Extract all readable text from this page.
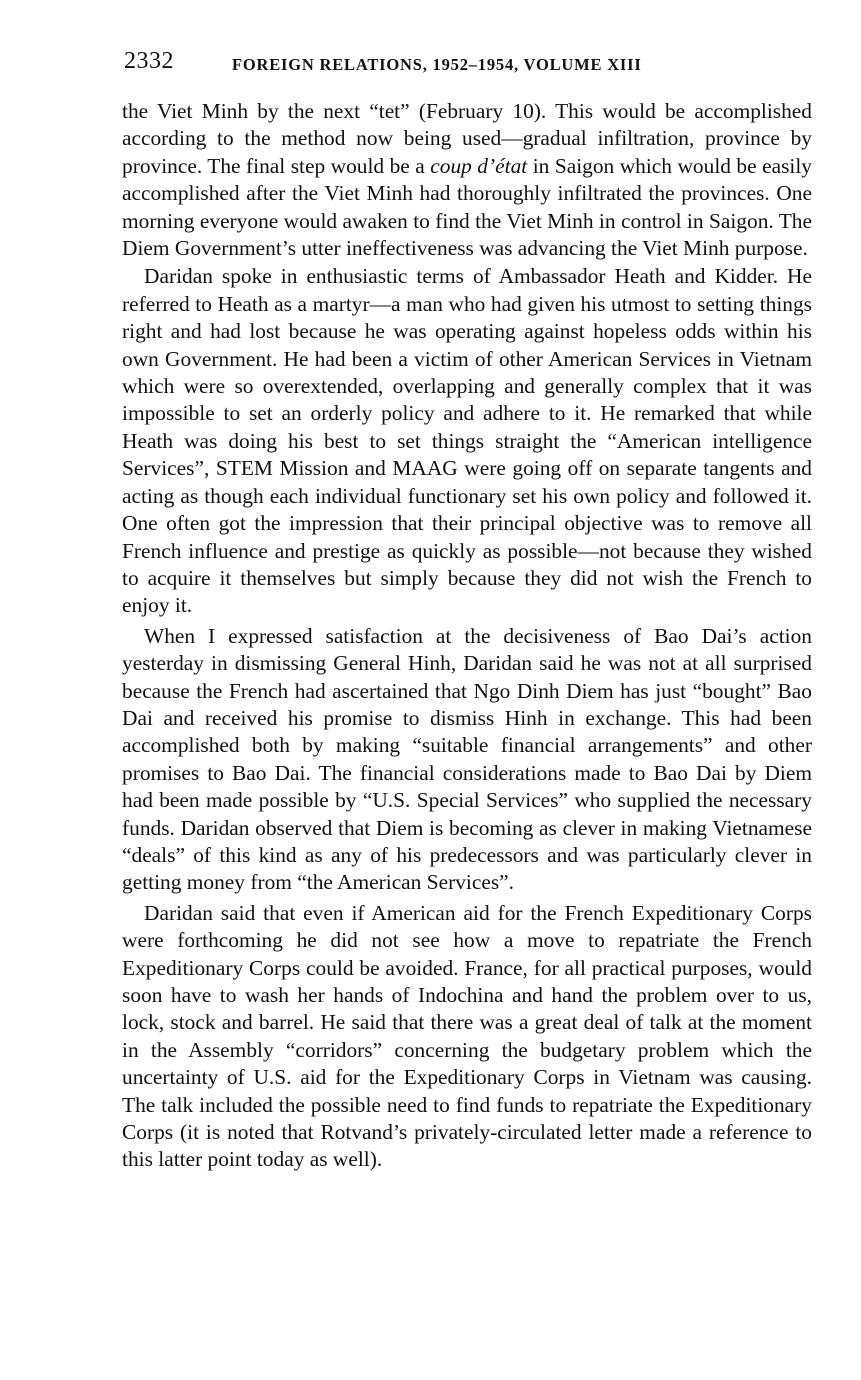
2332	FOREIGN RELATIONS, 1952–1954, VOLUME XIII

the Viet Minh by the next “tet” (February 10). This would be accomplished according to the method now being used—gradual infiltration, province by province. The final step would be a coup d’état in Saigon which would be easily accomplished after the Viet Minh had thoroughly infiltrated the provinces. One morning everyone would awaken to find the Viet Minh in control in Saigon. The Diem Government’s utter ineffectiveness was advancing the Viet Minh purpose.

Daridan spoke in enthusiastic terms of Ambassador Heath and Kidder. He referred to Heath as a martyr—a man who had given his utmost to setting things right and had lost because he was operating against hopeless odds within his own Government. He had been a victim of other American Services in Vietnam which were so overextended, overlapping and generally complex that it was impossible to set an orderly policy and adhere to it. He remarked that while Heath was doing his best to set things straight the “American intelligence Services”, STEM Mission and MAAG were going off on separate tangents and acting as though each individual functionary set his own policy and followed it. One often got the impression that their principal objective was to remove all French influence and prestige as quickly as possible—not because they wished to acquire it themselves but simply because they did not wish the French to enjoy it.

When I expressed satisfaction at the decisiveness of Bao Dai’s action yesterday in dismissing General Hinh, Daridan said he was not at all surprised because the French had ascertained that Ngo Dinh Diem has just “bought” Bao Dai and received his promise to dismiss Hinh in exchange. This had been accomplished both by making “suitable financial arrangements” and other promises to Bao Dai. The financial considerations made to Bao Dai by Diem had been made possible by “U.S. Special Services” who supplied the necessary funds. Daridan observed that Diem is becoming as clever in making Vietnamese “deals” of this kind as any of his predecessors and was particularly clever in getting money from “the American Services”.

Daridan said that even if American aid for the French Expeditionary Corps were forthcoming he did not see how a move to repatriate the French Expeditionary Corps could be avoided. France, for all practical purposes, would soon have to wash her hands of Indochina and hand the problem over to us, lock, stock and barrel. He said that there was a great deal of talk at the moment in the Assembly “corridors” concerning the budgetary problem which the uncertainty of U.S. aid for the Expeditionary Corps in Vietnam was causing. The talk included the possible need to find funds to repatriate the Expeditionary Corps (it is noted that Rotvand’s privately-circulated letter made a reference to this latter point today as well).
